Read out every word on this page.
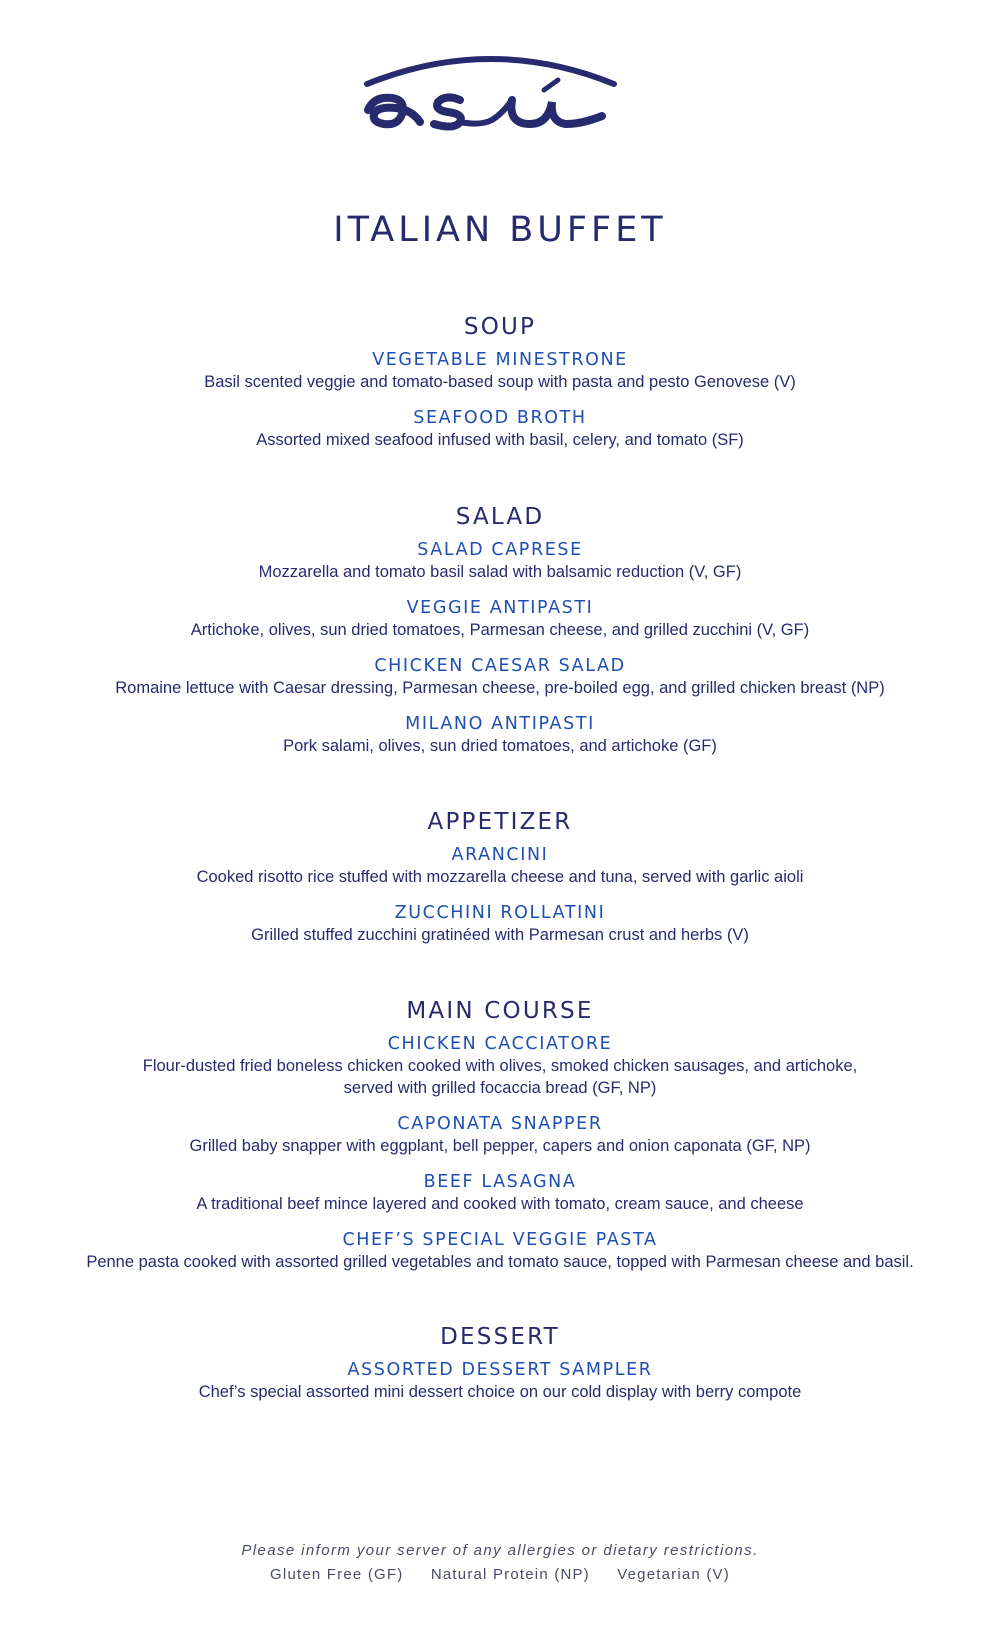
ITALIAN BUFFET
SOUP
VEGETABLE MINESTRONE
Basil scented veggie and tomato-based soup with pasta and pesto Genovese (V)
SEAFOOD BROTH
Assorted mixed seafood infused with basil, celery, and tomato (SF)
SALAD
SALAD CAPRESE
Mozzarella and tomato basil salad with balsamic reduction (V, GF)
VEGGIE ANTIPASTI
Artichoke, olives, sun dried tomatoes, Parmesan cheese, and grilled zucchini (V, GF)
CHICKEN CAESAR SALAD
Romaine lettuce with Caesar dressing, Parmesan cheese, pre-boiled egg, and grilled chicken breast (NP)
MILANO ANTIPASTI
Pork salami, olives, sun dried tomatoes, and artichoke (GF)
APPETIZER
ARANCINI
Cooked risotto rice stuffed with mozzarella cheese and tuna, served with garlic aioli
ZUCCHINI ROLLATINI
Grilled stuffed zucchini gratinéed with Parmesan crust and herbs (V)
MAIN COURSE
CHICKEN CACCIATORE
Flour-dusted fried boneless chicken cooked with olives, smoked chicken sausages, and artichoke,
served with grilled focaccia bread (GF, NP)
CAPONATA SNAPPER
Grilled baby snapper with eggplant, bell pepper, capers and onion caponata (GF, NP)
BEEF LASAGNA
A traditional beef mince layered and cooked with tomato, cream sauce, and cheese
CHEF’S SPECIAL VEGGIE PASTA
Penne pasta cooked with assorted grilled vegetables and tomato sauce, topped with Parmesan cheese and basil.
DESSERT
ASSORTED DESSERT SAMPLER
Chef’s special assorted mini dessert choice on our cold display with berry compote
Please inform your server of any allergies or dietary restrictions.
Gluten Free (GF) Natural Protein (NP) Vegetarian (V)
